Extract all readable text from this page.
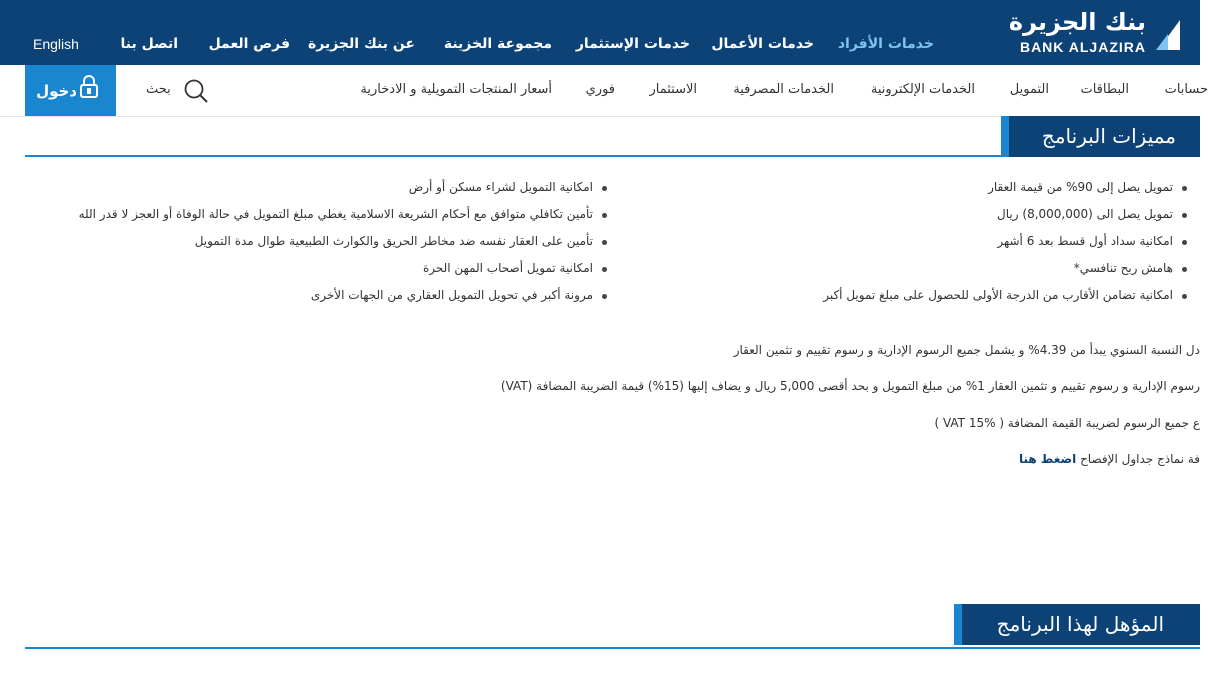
بنك الجزيرة
BANK ALJAZIRA
خدمات الأفراد
خدمات الأعمال
خدمات الإستثمار
مجموعة الخزينة
عن بنك الجزيرة
فرص العمل
اتصل بنا
English
حسابات
البطاقات
التمويل
الخدمات الإلكترونية
الخدمات المصرفية
الاستثمار
فوري
أسعار المنتجات التمويلية و الادخارية
بحث
دخول
مميزات البرنامج
تمويل يصل إلى 90% من قيمة العقار
تمويل يصل الى (8,000,000) ريال
امكانية سداد أول قسط بعد 6 أشهر
هامش ربح تنافسي*
امكانية تضامن الأقارب من الدرجة الأولى للحصول على مبلغ تمويل أكبر
امكانية التمويل لشراء مسكن أو أرض
تأمين تكافلي متوافق مع أحكام الشريعة الاسلامية يغطي مبلغ التمويل في حالة الوفاة أو العجز لا قدر الله
تأمين على العقار نفسه ضد مخاطر الحريق والكوارث الطبيعية طوال مدة التمويل
امكانية تمويل أصحاب المهن الحرة
مرونة أكبر في تحويل التمويل العقاري من الجهات الأخرى
دل النسبة السنوي يبدأ من 4.39% و يشمل جميع الرسوم الإدارية و رسوم تقييم و تثمين العقار
رسوم الإدارية و رسوم تقييم و تثمين العقار 1% من مبلغ التمويل و بحد أقصى 5,000 ريال و يضاف إليها (15%) قيمة الضريبة المضافة (VAT)
ع جميع الرسوم لضريبة القيمة المضافة ( VAT 15% )
فة نماذج جداول الإفصاح اضغط هنا
المؤهل لهذا البرنامج
